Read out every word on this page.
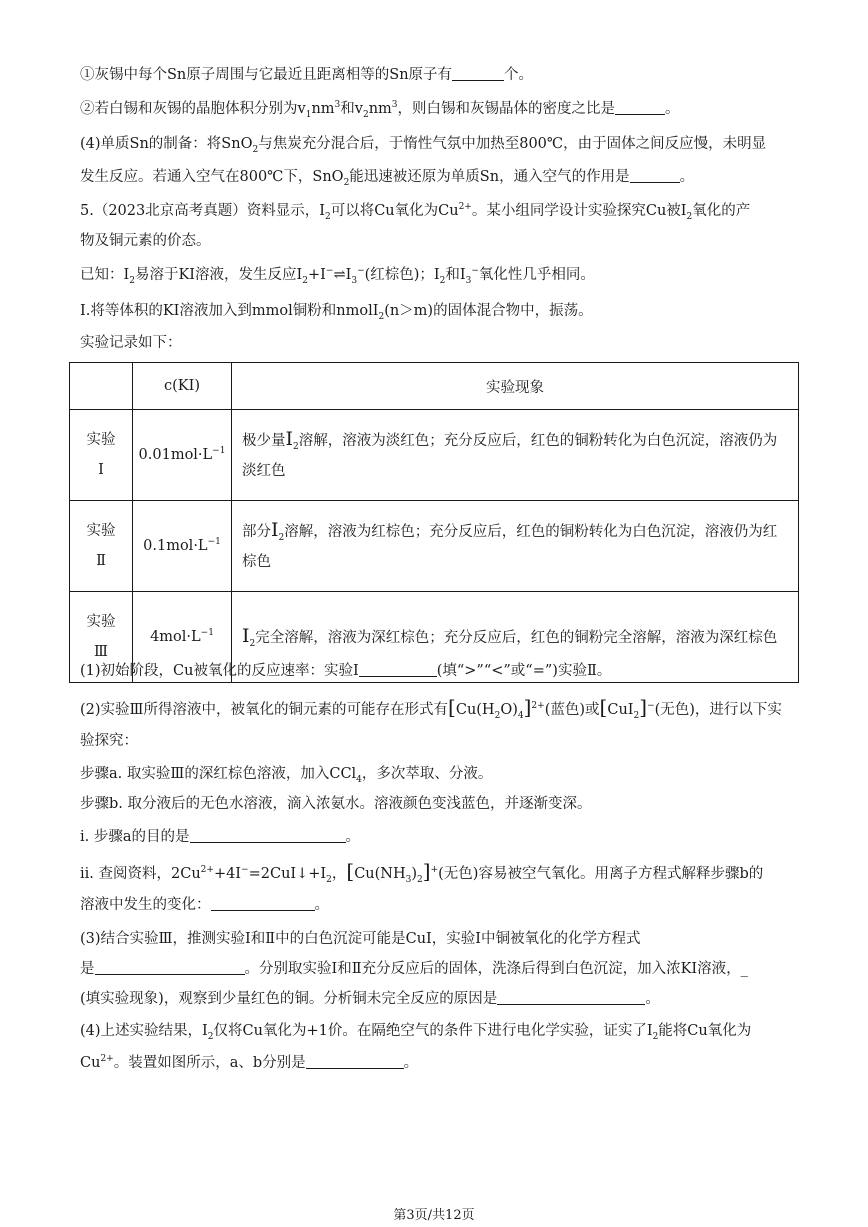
①灰锡中每个Sn原子周围与它最近且距离相等的Sn原子有	个。
②若白锡和灰锡的晶胞体积分别为$v_1nm^3$和$v_2nm^3$，则白锡和灰锡晶体的密度之比是	。
(4)单质Sn的制备：将SnO$_2$与焦炭充分混合后，于惰性气氛中加热至800℃，由于固体之间反应慢，未明显
发生反应。若通入空气在800℃下，SnO$_2$能迅速被还原为单质Sn，通入空气的作用是	。
5.（2023北京高考真题）资料显示，$I_2$可以将Cu氧化为$Cu^{2+}$。某小组同学设计实验探究Cu被$I_2$氧化的产
物及铜元素的价态。
已知：$I_2$易溶于KI溶液，发生反应$I_2+I^-\rightleftharpoons I_3^-$(红棕色)；$I_2$和$I_3^-$氧化性几乎相同。
I.将等体积的KI溶液加入到mmol铜粉和nmolI$_2$(n＞m)的固体混合物中，振荡。
实验记录如下：
	c(KI)	实验现象
实验
Ⅰ	$0.01mol\cdot L^{-1}$	极少量$I_2$溶解，溶液为淡红色；充分反应后，红色的铜粉转化为白色沉淀，溶液仍为淡红色
实验
Ⅱ	$0.1mol\cdot L^{-1}$	部分$I_2$溶解，溶液为红棕色；充分反应后，红色的铜粉转化为白色沉淀，溶液仍为红棕色
实验
Ⅲ	$4mol\cdot L^{-1}$	$I_2$完全溶解，溶液为深红棕色；充分反应后，红色的铜粉完全溶解，溶液为深红棕色
(1)初始阶段，Cu被氧化的反应速率：实验Ⅰ	(填“>”“<”或“=”)实验Ⅱ。
(2)实验Ⅲ所得溶液中，被氧化的铜元素的可能存在形式有$[Cu(H_2O)_4]^{2+}$(蓝色)或[CuI$_2$]−(无色)，进行以下实
验探究：
步骤a. 取实验Ⅲ的深红棕色溶液，加入CCl$_4$，多次萃取、分液。
步骤b. 取分液后的无色水溶液，滴入浓氨水。溶液颜色变浅蓝色，并逐渐变深。
ⅰ. 步骤a的目的是	。
ⅱ. 查阅资料，$2Cu^{2+}+4I^-=2CuI↓+I_2$，$[Cu(NH_3)_2]^+$(无色)容易被空气氧化。用离子方程式解释步骤b的
溶液中发生的变化：	。
(3)结合实验Ⅲ，推测实验Ⅰ和Ⅱ中的白色沉淀可能是CuI，实验Ⅰ中铜被氧化的化学方程式
是	。分别取实验Ⅰ和Ⅱ充分反应后的固体，洗涤后得到白色沉淀，加入浓KI溶液，_
(填实验现象)，观察到少量红色的铜。分析铜未完全反应的原因是	。
(4)上述实验结果，$I_2$仅将Cu氧化为+1价。在隔绝空气的条件下进行电化学实验，证实了$I_2$能将Cu氧化为
$Cu^{2+}$。装置如图所示，a、b分别是	。
第3页/共12页
